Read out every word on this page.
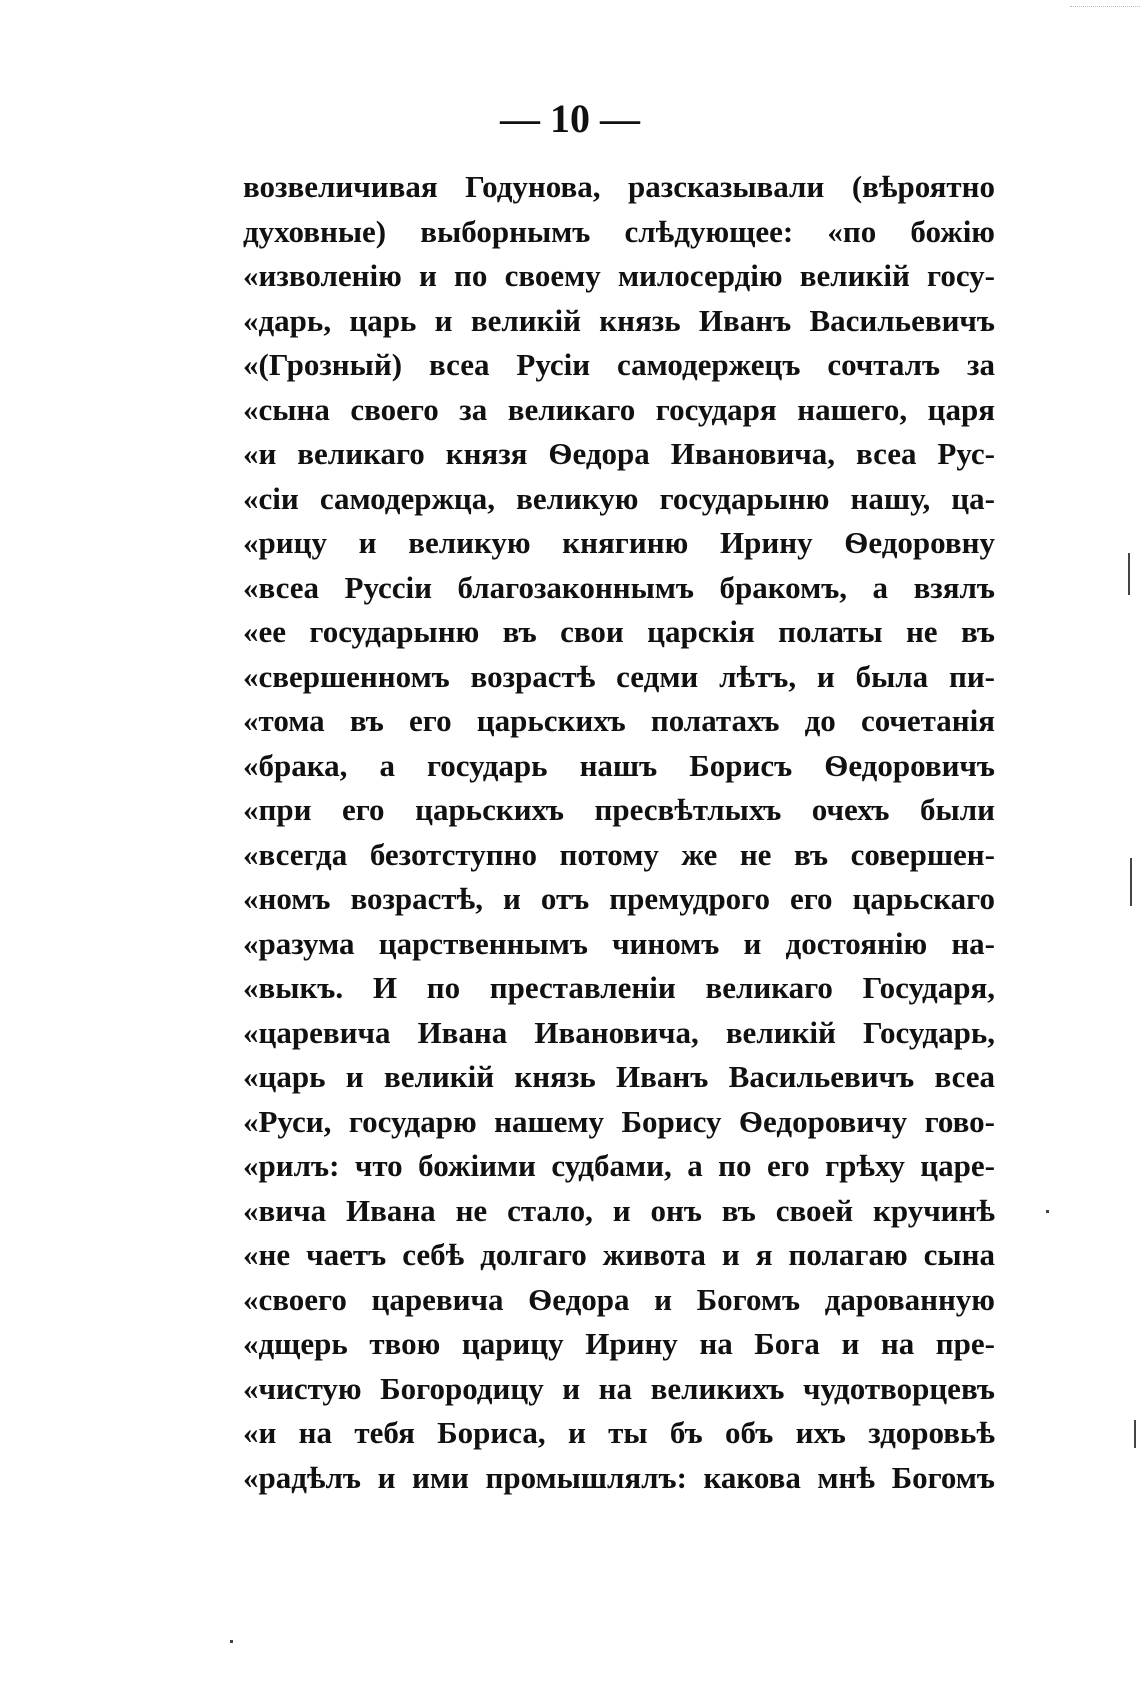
— 10 —
возвеличивая Годунова, разсказывали (вѣроятно
духовные) выборнымъ слѣдующее: «по божію
«изволенію и по своему милосердію великій госу-
«дарь, царь и великій князь Иванъ Васильевичъ
«(Грозный) всеа Русіи самодержецъ сочталъ за
«сына своего за великаго государя нашего, царя
«и великаго князя Ѳедора Ивановича, всеа Рус-
«сіи самодержца, великую государыню нашу, ца-
«рицу и великую княгиню Ирину Ѳедоровну
«всеа Руссіи благозаконнымъ бракомъ, а взялъ
«ее государыню въ свои царскія полаты не въ
«свершенномъ возрастѣ седми лѣтъ, и была пи-
«тома въ его царьскихъ полатахъ до сочетанія
«брака, а государь нашъ Борисъ Ѳедоровичъ
«при его царьскихъ пресвѣтлыхъ очехъ были
«всегда безотступно потому же не въ совершен-
«номъ возрастѣ, и отъ премудрого его царьскаго
«разума царственнымъ чиномъ и достоянію на-
«выкъ. И по преставленіи великаго Государя,
«царевича Ивана Ивановича, великій Государь,
«царь и великій князь Иванъ Васильевичъ всеа
«Руси, государю нашему Борису Ѳедоровичу гово-
«рилъ: что божіими судбами, а по его грѣху царе-
«вича Ивана не стало, и онъ въ своей кручинѣ
«не чаетъ себѣ долгаго живота и я полагаю сына
«своего царевича Ѳедора и Богомъ дарованную
«дщерь твою царицу Ирину на Бога и на пре-
«чистую Богородицу и на великихъ чудотворцевъ
«и на тебя Бориса, и ты бъ объ ихъ здоровьѣ
«радѣлъ и ими промышлялъ: какова мнѣ Богомъ
